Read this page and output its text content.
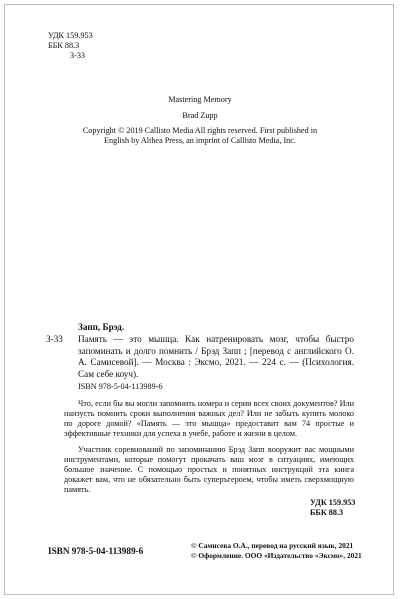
УДК 159.953
ББК 88.3
З-33
Mastering Memory
Brad Zupp
Copyright © 2019 Callisto Media All rights reserved. First published in English by Althea Press, an imprint of Callisto Media, Inc.
Запп, Брэд.
З-33 Память — это мышца. Как натренировать мозг, чтобы быстро запоминать и долго помнить / Брэд Запп ; [перевод с английского О. А. Самисевой]. — Москва : Эксмо, 2021. — 224 с. — (Психология. Сам себе коуч).

ISBN 978-5-04-113989-6

Что, если бы вы могли запомнить номера и серии всех своих документов? Или наизусть помнить сроки выполнения важных дел? Или не забыть купить молоко по дороге домой? «Память — это мышца» предоставит вам 74 простые и эффективные техники для успеха в учебе, работе и жизни в целом.

Участник соревнований по запоминанию Брэд Запп вооружит вас мощными инструментами, которые помогут прокачать ваш мозг в ситуациях, имеющих большое значение. С помощью простых и понятных инструкций эта книга докажет вам, что не обязательно быть суперъгероем, чтобы иметь сверхмощную память.

УДК 159.953
ББК 88.3
ISBN 978-5-04-113989-6
© Самисева О.А., перевод на русский язык, 2021
© Оформление. ООО «Издательство «Эксмо», 2021
